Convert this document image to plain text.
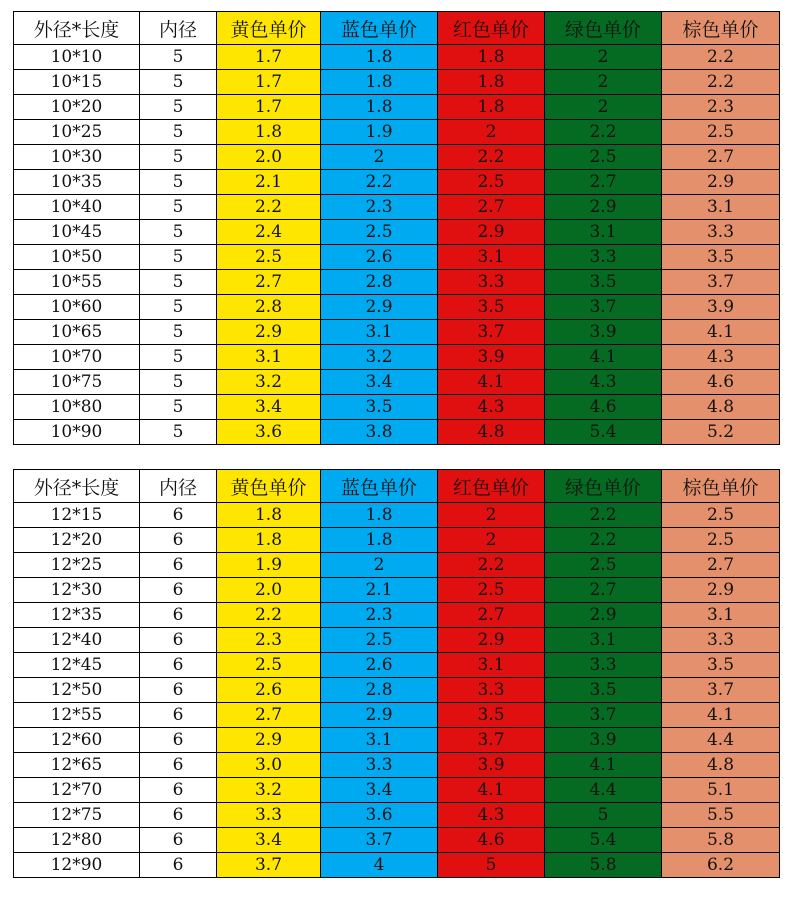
外径*长度	内径	黄色单价	蓝色单价	红色单价	绿色单价	棕色单价
10*10	5	1.7	1.8	1.8	2	2.2
10*15	5	1.7	1.8	1.8	2	2.2
10*20	5	1.7	1.8	1.8	2	2.3
10*25	5	1.8	1.9	2	2.2	2.5
10*30	5	2.0	2	2.2	2.5	2.7
10*35	5	2.1	2.2	2.5	2.7	2.9
10*40	5	2.2	2.3	2.7	2.9	3.1
10*45	5	2.4	2.5	2.9	3.1	3.3
10*50	5	2.5	2.6	3.1	3.3	3.5
10*55	5	2.7	2.8	3.3	3.5	3.7
10*60	5	2.8	2.9	3.5	3.7	3.9
10*65	5	2.9	3.1	3.7	3.9	4.1
10*70	5	3.1	3.2	3.9	4.1	4.3
10*75	5	3.2	3.4	4.1	4.3	4.6
10*80	5	3.4	3.5	4.3	4.6	4.8
10*90	5	3.6	3.8	4.8	5.4	5.2
外径*长度	内径	黄色单价	蓝色单价	红色单价	绿色单价	棕色单价
12*15	6	1.8	1.8	2	2.2	2.5
12*20	6	1.8	1.8	2	2.2	2.5
12*25	6	1.9	2	2.2	2.5	2.7
12*30	6	2.0	2.1	2.5	2.7	2.9
12*35	6	2.2	2.3	2.7	2.9	3.1
12*40	6	2.3	2.5	2.9	3.1	3.3
12*45	6	2.5	2.6	3.1	3.3	3.5
12*50	6	2.6	2.8	3.3	3.5	3.7
12*55	6	2.7	2.9	3.5	3.7	4.1
12*60	6	2.9	3.1	3.7	3.9	4.4
12*65	6	3.0	3.3	3.9	4.1	4.8
12*70	6	3.2	3.4	4.1	4.4	5.1
12*75	6	3.3	3.6	4.3	5	5.5
12*80	6	3.4	3.7	4.6	5.4	5.8
12*90	6	3.7	4	5	5.8	6.2
